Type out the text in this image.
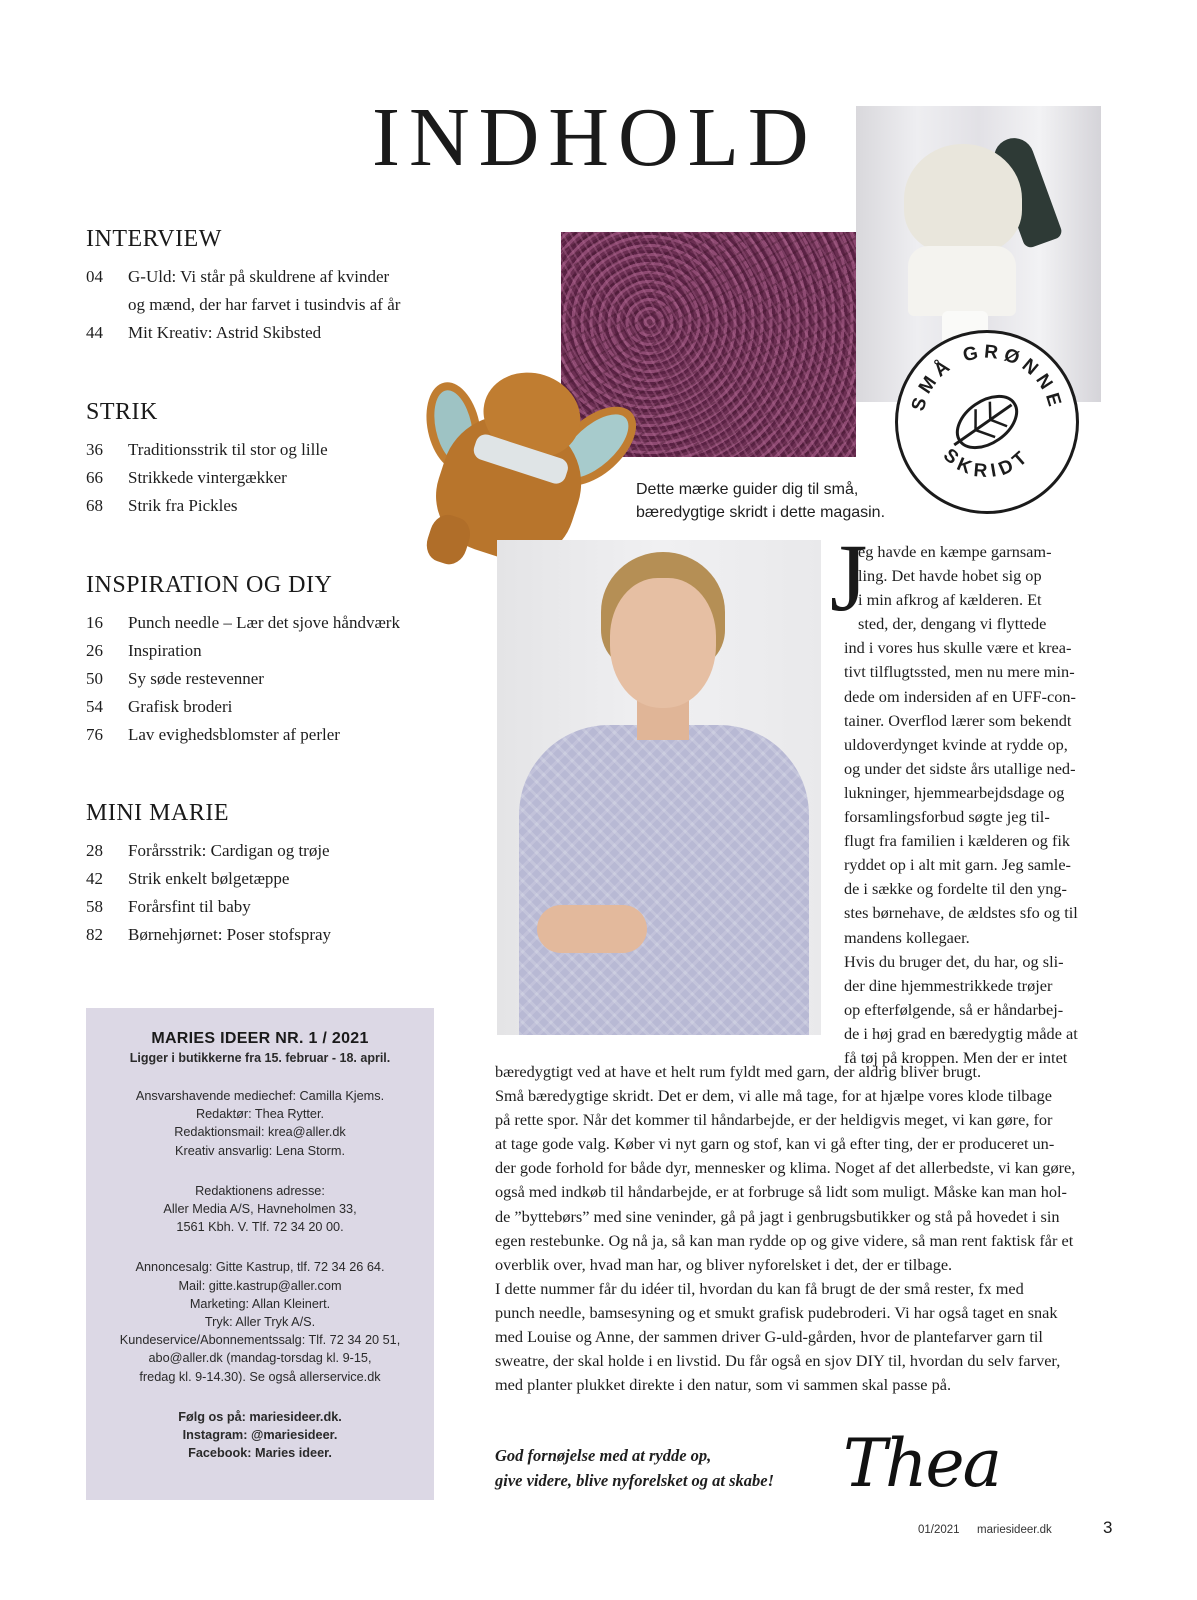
INDHOLD
INTERVIEW
04	G-Uld: Vi står på skuldrene af kvinder
og mænd, der har farvet i tusindvis af år
44	Mit Kreativ: Astrid Skibsted
STRIK
36	Traditionsstrik til stor og lille
66	Strikkede vintergækker
68	Strik fra Pickles
INSPIRATION OG DIY
16	Punch needle – Lær det sjove håndværk
26	Inspiration
50	Sy søde restevenner
54	Grafisk broderi
76	Lav evighedsblomster af perler
MINI MARIE
28	Forårsstrik: Cardigan og trøje
42	Strik enkelt bølgetæppe
58	Forårsfint til baby
82	Børnehjørnet: Poser stofspray
SMÅ GRØNNE
SKRIDT
Dette mærke guider dig til små,
bæredygtige skridt i dette magasin.
J
eg havde en kæmpe garnsam-
ling. Det havde hobet sig op
i min afkrog af kælderen. Et
sted, der, dengang vi flyttede
ind i vores hus skulle være et krea-
tivt tilflugtssted, men nu mere min-
dede om indersiden af en UFF-con-
tainer. Overflod lærer som bekendt
uldoverdynget kvinde at rydde op,
og under det sidste års utallige ned-
lukninger, hjemmearbejdsdage og
forsamlingsforbud søgte jeg til-
flugt fra familien i kælderen og fik
ryddet op i alt mit garn. Jeg samle-
de i sække og fordelte til den yng-
stes børnehave, de ældstes sfo og til
mandens kollegaer.
Hvis du bruger det, du har, og sli-
der dine hjemmestrikkede trøjer
op efterfølgende, så er håndarbej-
de i høj grad en bæredygtig måde at
få tøj på kroppen. Men der er intet
bæredygtigt ved at have et helt rum fyldt med garn, der aldrig bliver brugt.
Små bæredygtige skridt. Det er dem, vi alle må tage, for at hjælpe vores klode tilbage
på rette spor. Når det kommer til håndarbejde, er der heldigvis meget, vi kan gøre, for
at tage gode valg. Køber vi nyt garn og stof, kan vi gå efter ting, der er produceret un-
der gode forhold for både dyr, mennesker og klima. Noget af det allerbedste, vi kan gøre,
også med indkøb til håndarbejde, er at forbruge så lidt som muligt. Måske kan man hol-
de ”byttebørs” med sine veninder, gå på jagt i genbrugsbutikker og stå på hovedet i sin
egen restebunke. Og nå ja, så kan man rydde op og give videre, så man rent faktisk får et
overblik over, hvad man har, og bliver nyforelsket i det, der er tilbage.
I dette nummer får du idéer til, hvordan du kan få brugt de der små rester, fx med
punch needle, bamsesyning og et smukt grafisk pudebroderi. Vi har også taget en snak
med Louise og Anne, der sammen driver G-uld-gården, hvor de plantefarver garn til
sweatre, der skal holde i en livstid. Du får også en sjov DIY til, hvordan du selv farver,
med planter plukket direkte i den natur, som vi sammen skal passe på.
God fornøjelse med at rydde op,
give videre, blive nyforelsket og at skabe! Thea
MARIES IDEER NR. 1 / 2021
Ligger i butikkerne fra 15. februar - 18. april.
Ansvarshavende mediechef: Camilla Kjems.
Redaktør: Thea Rytter.
Redaktionsmail: krea@aller.dk
Kreativ ansvarlig: Lena Storm.
Redaktionens adresse:
Aller Media A/S, Havneholmen 33,
1561 Kbh. V. Tlf. 72 34 20 00.
Annoncesalg: Gitte Kastrup, tlf. 72 34 26 64.
Mail: gitte.kastrup@aller.com
Marketing: Allan Kleinert.
Tryk: Aller Tryk A/S.
Kundeservice/Abonnementssalg: Tlf. 72 34 20 51,
abo@aller.dk (mandag-torsdag kl. 9-15,
fredag kl. 9-14.30). Se også allerservice.dk
Følg os på: mariesideer.dk.
Instagram: @mariesideer.
Facebook: Maries ideer.
01/2021 mariesideer.dk	3
